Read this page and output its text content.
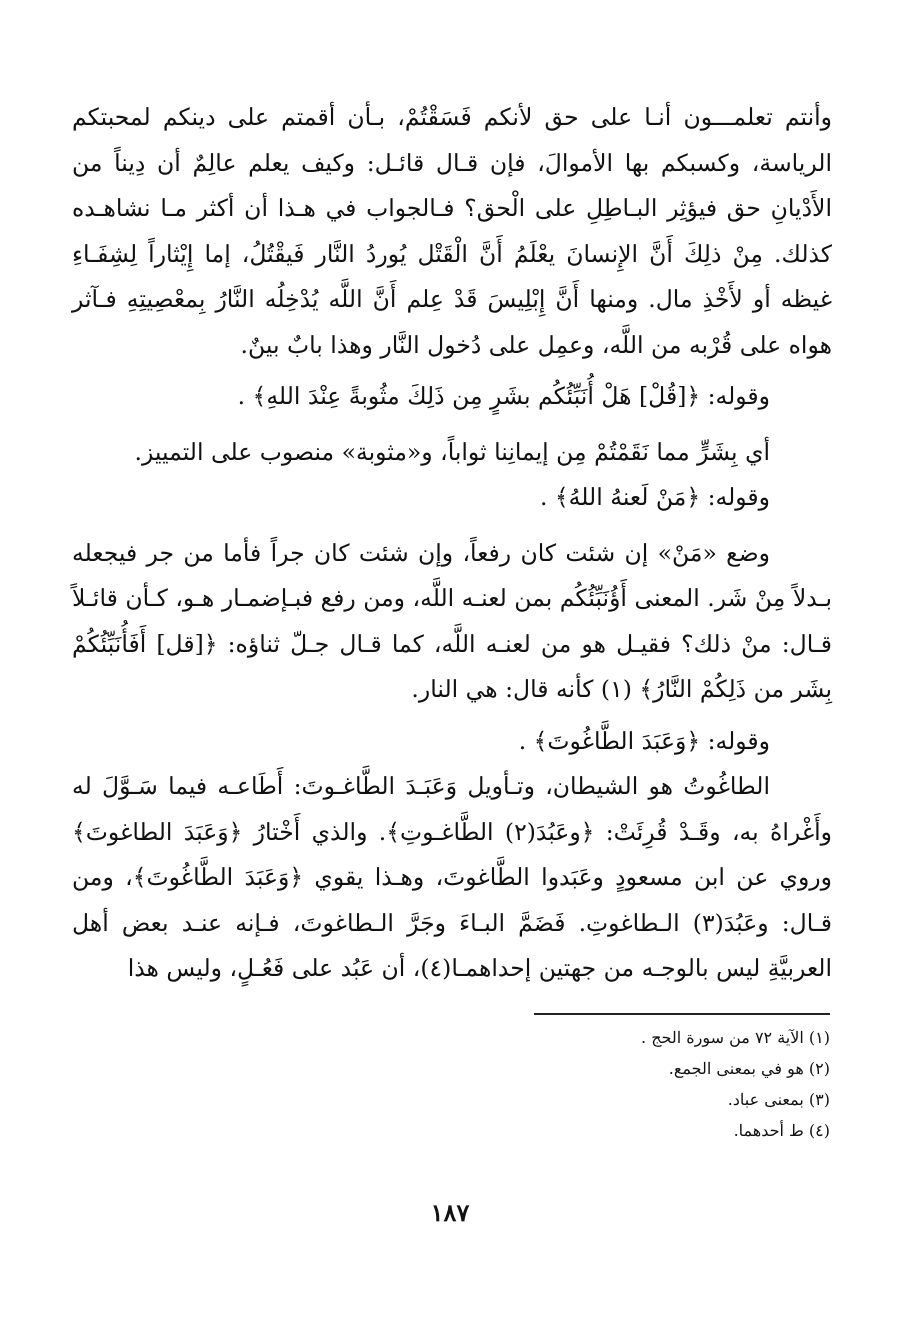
وأنتم تعلمـــون أنـا على حق لأنكم فَسَقْتُمْ، بـأن أقمتم على دينكم لمحبتكم الرياسة، وكسبكم بها الأموالَ، فإن قـال قائـل: وكيف يعلم عالِمٌ أن دِيناً من الأَدْيانِ حق فيؤثِر البـاطِلِ على الْحق؟ فـالجواب في هـذا أن أكثر مـا نشاهـده كذلك. مِنْ ذلِكَ أَنَّ الإِنسانَ يعْلَمُ أَنَّ الْقَتْل يُوردُ النَّار فَيقْتُلُ، إما إِيْثاراً لِشِفَـاءِ غيظه أو لأَخْذِ مال. ومنها أَنَّ إِبْلِيسَ قَدْ عِلم أَنَّ اللَّه يُدْخِلُه النَّارُ بِمعْصِيتِهِ فـآثر هواه على قُرْبه من اللَّه، وعمِل على دُخول النَّار وهذا بابٌ بينٌ.

وقوله: ﴿[قُلْ] هَلْ أُنَبِّئُكُم بشَرٍ مِن ذَلِكَ مثُوبةً عِنْدَ اللهِ﴾ .

أي بِشَرٍّ مما نَقَمْتُمْ مِن إيمانِنا ثواباً، و«مثوبة» منصوب على التمييز.

وقوله: ﴿مَنْ لَعنهُ اللهُ﴾ .

وضع «مَنْ» إن شئت كان رفعاً، وإن شئت كان جراً فأما من جر فيجعله بـدلاً مِنْ شَر. المعنى أَؤُنَبِّئُكُم بمن لعنـه اللَّه، ومن رفع فبـإضمـار هـو، كـأن قائـلاً قـال: منْ ذلك؟ فقيـل هو من لعنـه اللَّه، كما قـال جـلّ ثناؤه: ﴿[قل] أَفَأُنَبِّئُكُمْ بِشَر من ذَلِكُمْ النَّارُ﴾ (١) كأنه قال: هي النار.

وقوله: ﴿وَعَبَدَ الطَّاغُوتَ﴾ .

الطاغُوتُ هو الشيطان، وتـأويل وَعَبَـدَ الطَّاغـوتَ: أَطَاعـه فيما سَـوَّلَ له وأَغْراهُ به، وقَـدْ قُرِئَتْ: ﴿وعَبُدَ(٢) الطَّاغـوتِ﴾. والذي أَخْتارُ ﴿وَعَبَدَ الطاغوتَ﴾ وروي عن ابن مسعودٍ وعَبَدوا الطَّاغوتَ، وهـذا يقوي ﴿وَعَبَدَ الطَّاغُوتَ﴾، ومن قـال: وعَبُدَ(٣) الـطاغوتِ. فَضَمَّ البـاءَ وجَرَّ الـطاغوتَ، فـإنه عنـد بعض أهل العربيَّةِ ليس بالوجـه من جهتين إحداهمـا(٤)، أن عَبُد على فَعُـلٍ، وليس هذا

(١) الآية ٧٢ من سورة الحج .

(٢) هو في بمعنى الجمع.

(٣) بمعنى عباد.

(٤) ط أحدهما.

١٨٧
